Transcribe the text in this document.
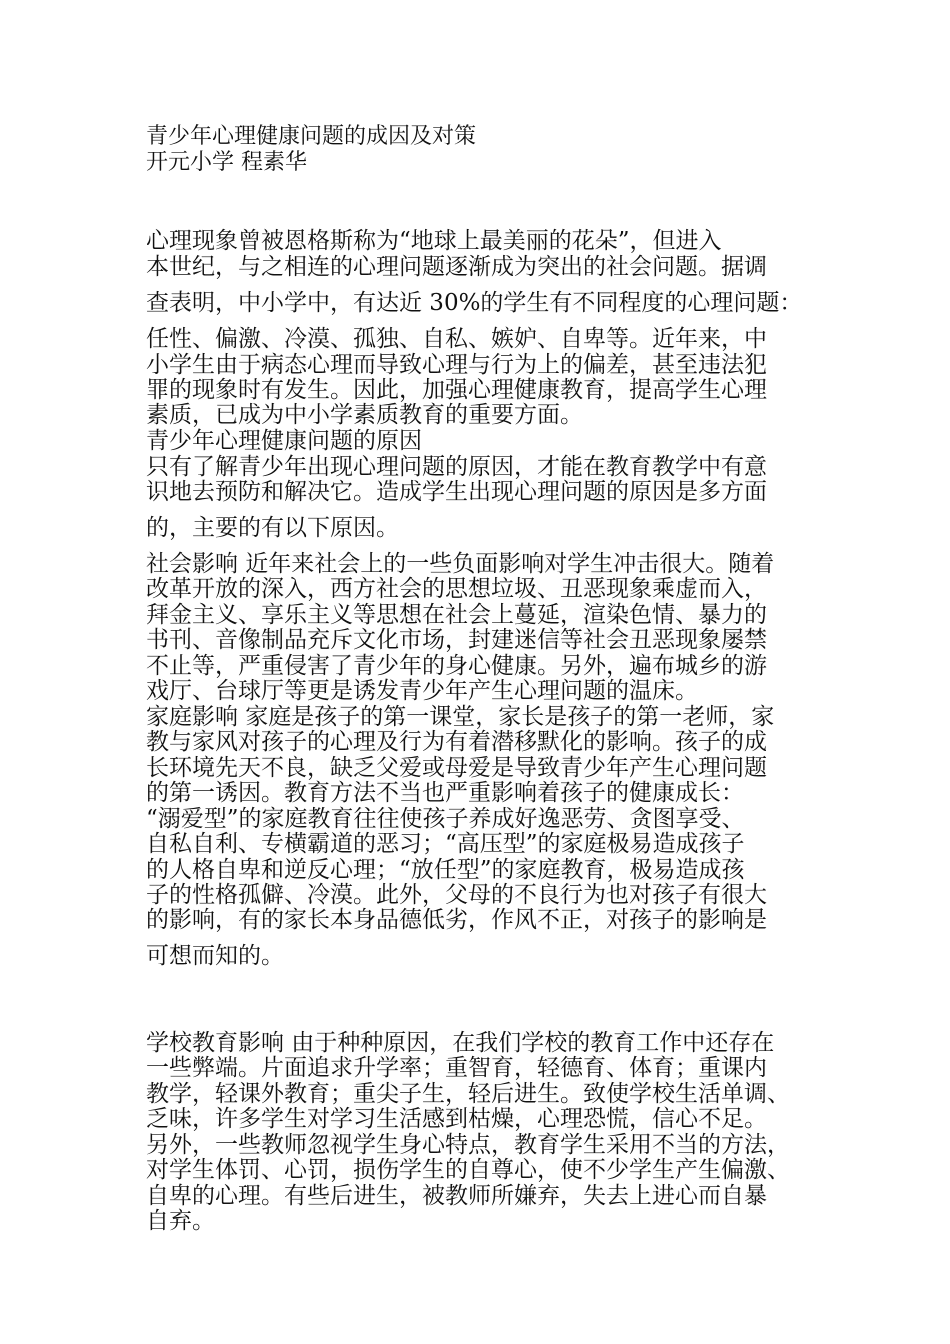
青少年心理健康问题的成因及对策
开元小学 程素华
心理现象曾被恩格斯称为“地球上最美丽的花朵”，但进入
本世纪，与之相连的心理问题逐渐成为突出的社会问题。据调
查表明，中小学中，有达近 30%的学生有不同程度的心理问题：
任性、偏激、冷漠、孤独、自私、嫉妒、自卑等。近年来，中
小学生由于病态心理而导致心理与行为上的偏差，甚至违法犯
罪的现象时有发生。因此，加强心理健康教育，提高学生心理
素质，已成为中小学素质教育的重要方面。
青少年心理健康问题的原因
只有了解青少年出现心理问题的原因，才能在教育教学中有意
识地去预防和解决它。造成学生出现心理问题的原因是多方面
的，主要的有以下原因。
社会影响 近年来社会上的一些负面影响对学生冲击很大。随着
改革开放的深入，西方社会的思想垃圾、丑恶现象乘虚而入，
拜金主义、享乐主义等思想在社会上蔓延，渲染色情、暴力的
书刊、音像制品充斥文化市场，封建迷信等社会丑恶现象屡禁
不止等，严重侵害了青少年的身心健康。另外，遍布城乡的游
戏厅、台球厅等更是诱发青少年产生心理问题的温床。
家庭影响 家庭是孩子的第一课堂，家长是孩子的第一老师，家
教与家风对孩子的心理及行为有着潜移默化的影响。孩子的成
长环境先天不良，缺乏父爱或母爱是导致青少年产生心理问题
的第一诱因。教育方法不当也严重影响着孩子的健康成长：
“溺爱型”的家庭教育往往使孩子养成好逸恶劳、贪图享受、
自私自利、专横霸道的恶习；“高压型”的家庭极易造成孩子
的人格自卑和逆反心理；“放任型”的家庭教育，极易造成孩
子的性格孤僻、冷漠。此外，父母的不良行为也对孩子有很大
的影响，有的家长本身品德低劣，作风不正，对孩子的影响是
可想而知的。
学校教育影响 由于种种原因，在我们学校的教育工作中还存在
一些弊端。片面追求升学率；重智育，轻德育、体育；重课内
教学，轻课外教育；重尖子生，轻后进生。致使学校生活单调、
乏味，许多学生对学习生活感到枯燥，心理恐慌，信心不足。
另外，一些教师忽视学生身心特点，教育学生采用不当的方法，
对学生体罚、心罚，损伤学生的自尊心，使不少学生产生偏激、
自卑的心理。有些后进生，被教师所嫌弃，失去上进心而自暴
自弃。
